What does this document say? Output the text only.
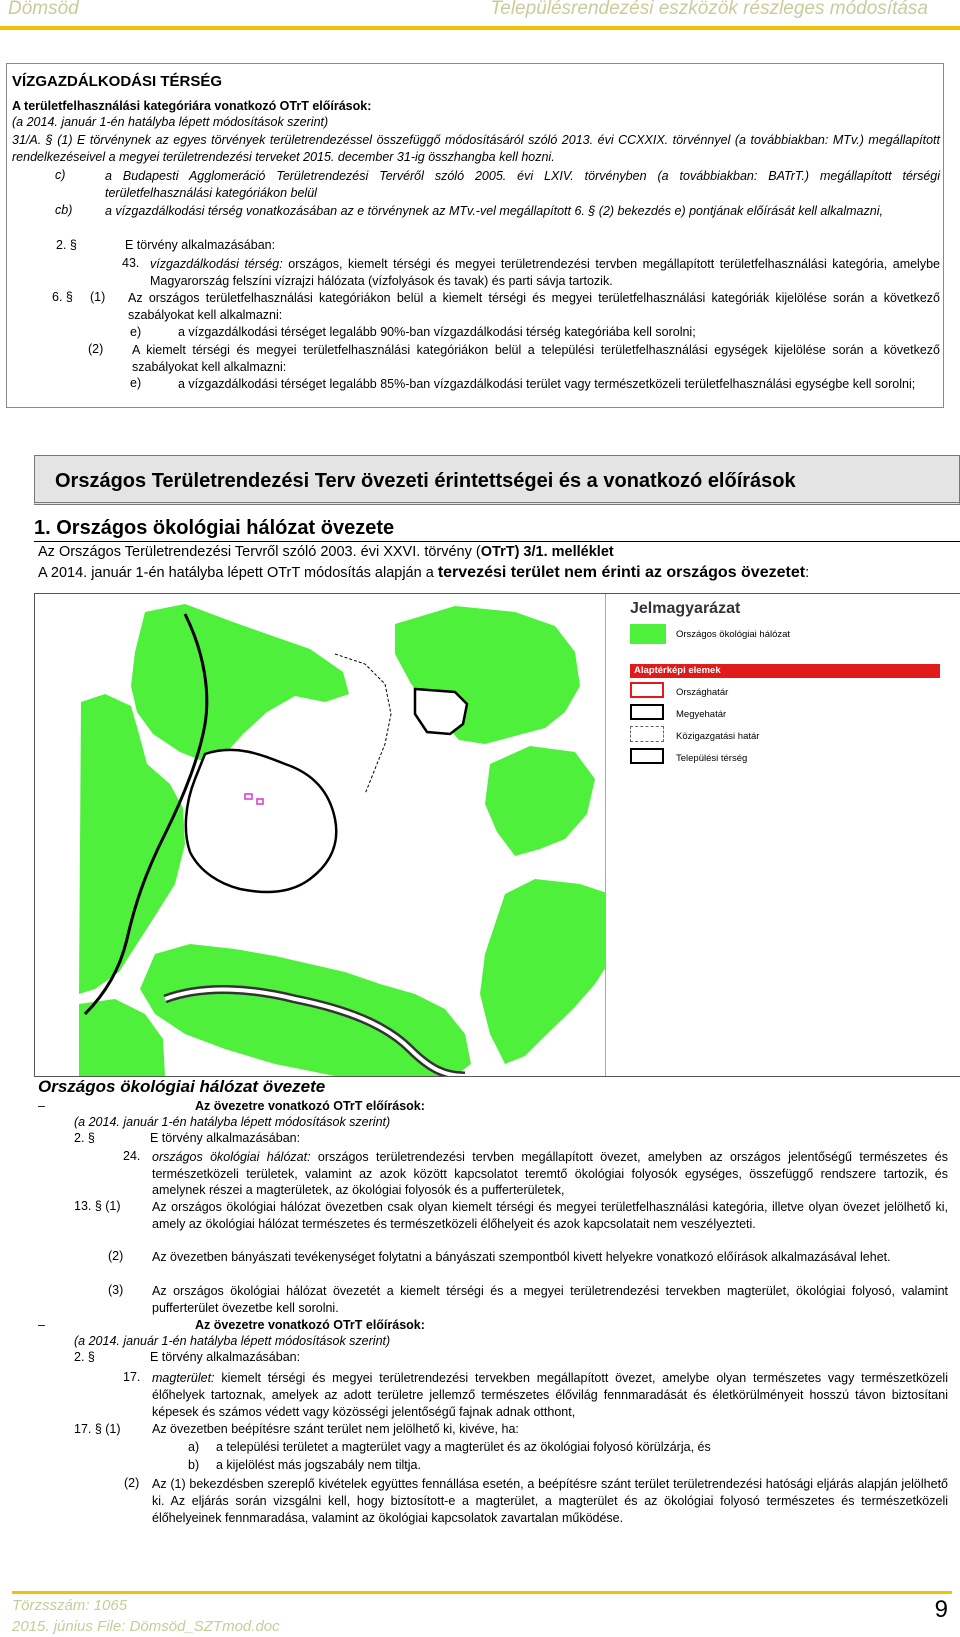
Dömsöd	Településrendezési eszközök részleges módosítása
VÍZGAZDÁLKODÁSI TÉRSÉG
A területfelhasználási kategóriára vonatkozó OTrT előírások:
(a 2014. január 1-én hatályba lépett módosítások szerint)
31/A. § (1) E törvénynek az egyes törvények területrendezéssel összefüggő módosításáról szóló 2013. évi CCXXIX. törvénnyel (a továbbiakban: MTv.) megállapított rendelkezéseivel a megyei területrendezési terveket 2015. december 31-ig összhangba kell hozni.
c)	a Budapesti Agglomeráció Területrendezési Tervéről szóló 2005. évi LXIV. törvényben (a továbbiakban: BATrT.) megállapított térségi területfelhasználási kategóriákon belül
cb)	a vízgazdálkodási térség vonatkozásában az e törvénynek az MTv.-vel megállapított 6. § (2) bekezdés e) pontjának előírását kell alkalmazni,
2. §	E törvény alkalmazásában:
43. vízgazdálkodási térség: országos, kiemelt térségi és megyei területrendezési tervben megállapított területfelhasználási kategória, amelybe Magyarország felszíni vízrajzi hálózata (vízfolyások és tavak) és parti sávja tartozik.
6. § (1) Az országos területfelhasználási kategóriákon belül a kiemelt térségi és megyei területfelhasználási kategóriák kijelölése során a következő szabályokat kell alkalmazni:
e)	a vízgazdálkodási térséget legalább 90%-ban vízgazdálkodási térség kategóriába kell sorolni;
(2) A kiemelt térségi és megyei területfelhasználási kategóriákon belül a települési területfelhasználási egységek kijelölése során a következő szabályokat kell alkalmazni:
e)	a vízgazdálkodási térséget legalább 85%-ban vízgazdálkodási terület vagy természetközeli területfelhasználási egységbe kell sorolni;
Országos Területrendezési Terv övezeti érintettségei és a vonatkozó előírások
1. Országos ökológiai hálózat övezete
Az Országos Területrendezési Tervről szóló 2003. évi XXVI. törvény (OTrT) 3/1. melléklet
A 2014. január 1-én hatályba lépett OTrT módosítás alapján a tervezési terület nem érinti az országos övezetet:
Jelmagyarázat
Országos ökológiai hálózat
Alaptérképi elemek
Országhatár
Megyehatár
Közigazgatási határ
Települési térség
Országos ökológiai hálózat övezete
–	Az övezetre vonatkozó OTrT előírások:
(a 2014. január 1-én hatályba lépett módosítások szerint)
2. §	E törvény alkalmazásában:
24. országos ökológiai hálózat: országos területrendezési tervben megállapított övezet, amelyben az országos jelentőségű természetes és természetközeli területek, valamint az azok között kapcsolatot teremtő ökológiai folyosók egységes, összefüggő rendszere tartozik, és amelynek részei a magterületek, az ökológiai folyosók és a pufferterületek,
13. § (1)	Az országos ökológiai hálózat övezetben csak olyan kiemelt térségi és megyei területfelhasználási kategória, illetve olyan övezet jelölhető ki, amely az ökológiai hálózat természetes és természetközeli élőhelyeit és azok kapcsolatait nem veszélyezteti.
(2) Az övezetben bányászati tevékenységet folytatni a bányászati szempontból kivett helyekre vonatkozó előírások alkalmazásával lehet.
(3) Az országos ökológiai hálózat övezetét a kiemelt térségi és a megyei területrendezési tervekben magterület, ökológiai folyosó, valamint pufferterület övezetbe kell sorolni.
–	Az övezetre vonatkozó OTrT előírások:
(a 2014. január 1-én hatályba lépett módosítások szerint)
2. §	E törvény alkalmazásában:
17. magterület: kiemelt térségi és megyei területrendezési tervekben megállapított övezet, amelybe olyan természetes vagy természetközeli élőhelyek tartoznak, amelyek az adott területre jellemző természetes élővilág fennmaradását és életkörülményeit hosszú távon biztosítani képesek és számos védett vagy közösségi jelentőségű fajnak adnak otthont,
17. § (1)	Az övezetben beépítésre szánt terület nem jelölhető ki, kivéve, ha:
a) a települési területet a magterület vagy a magterület és az ökológiai folyosó körülzárja, és
b) a kijelölést más jogszabály nem tiltja.
(2) Az (1) bekezdésben szereplő kivételek együttes fennállása esetén, a beépítésre szánt terület területrendezési hatósági eljárás alapján jelölhető ki. Az eljárás során vizsgálni kell, hogy biztosított-e a magterület, a magterület és az ökológiai folyosó természetes és természetközeli élőhelyeinek fennmaradása, valamint az ökológiai kapcsolatok zavartalan működése.
Törzsszám: 1065
2015. június File: Dömsöd_SZTmod.doc
9
